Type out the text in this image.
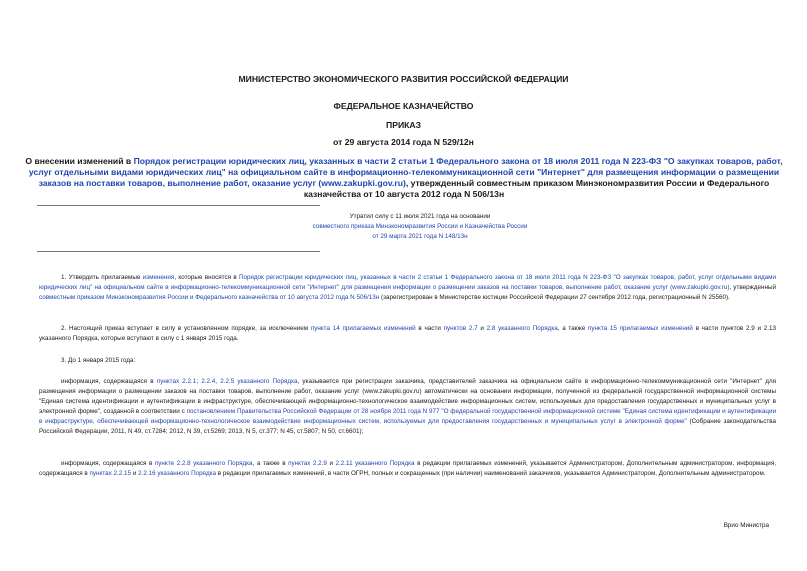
МИНИСТЕРСТВО ЭКОНОМИЧЕСКОГО РАЗВИТИЯ РОССИЙСКОЙ ФЕДЕРАЦИИ
ФЕДЕРАЛЬНОЕ КАЗНАЧЕЙСТВО
ПРИКАЗ
от 29 августа 2014 года N 529/12н
О внесении изменений в Порядок регистрации юридических лиц, указанных в части 2 статьи 1 Федерального закона от 18 июля 2011 года N 223-ФЗ "О закупках товаров, работ, услуг отдельными видами юридических лиц" на официальном сайте в информационно-телекоммуникационной сети "Интернет" для размещения информации о размещении заказов на поставки товаров, выполнение работ, оказание услуг (www.zakupki.gov.ru), утвержденный совместным приказом Минэкономразвития России и Федерального казначейства от 10 августа 2012 года N 506/13н
Утратил силу с 11 июля 2021 года на основании
совместного приказа Минэкономразвития России и Казначейства России
от 29 марта 2021 года N 148/13н
1. Утвердить прилагаемые изменения, которые вносятся в Порядок регистрации юридических лиц, указанных в части 2 статьи 1 Федерального закона от 18 июля 2011 года N 223-ФЗ "О закупках товаров, работ, услуг отдельными видами юридических лиц" на официальном сайте в информационно-телекоммуникационной сети "Интернет" для размещения информации о размещении заказов на поставки товаров, выполнение работ, оказание услуг (www.zakupki.gov.ru), утвержденный совместным приказом Минэкономразвития России и Федерального казначейства от 10 августа 2012 года N 506/13н (зарегистрирован в Министерстве юстиции Российской Федерации 27 сентября 2012 года, регистрационный N 25560).
2. Настоящий приказ вступает в силу в установленном порядке, за исключением пункта 14 прилагаемых изменений в части пунктов 2.7 и 2.8 указанного Порядка, а также пункта 15 прилагаемых изменений в части пунктов 2.9 и 2.13 указанного Порядка, которые вступают в силу с 1 января 2015 года.
3. До 1 января 2015 года:
информация, содержащаяся в пунктах 2.2.1; 2.2.4, 2.2.5 указанного Порядка, указывается при регистрации заказчика, представителей заказчика на официальном сайте в информационно-телекоммуникационной сети "Интернет" для размещения информации о размещении заказов на поставки товаров, выполнение работ, оказание услуг (www.zakupki.gov.ru) автоматически на основании информации, полученной из федеральной государственной информационной системы "Единая система идентификации и аутентификации в инфраструктуре, обеспечивающей информационно-технологическое взаимодействие информационных систем, используемых для предоставления государственных и муниципальных услуг в электронной форме", созданной в соответствии с постановлением Правительства Российской Федерации от 28 ноября 2011 года N 977 "О федеральной государственной информационной системе "Единая система идентификации и аутентификации в инфраструктуре, обеспечивающей информационно-технологическое взаимодействие информационных систем, используемых для предоставления государственных и муниципальных услуг в электронной форме" (Собрание законодательства Российской Федерации, 2011, N 49, ст.7284; 2012, N 39, ст.5269; 2013, N 5, ст.377; N 45, ст.5807; N 50, ст.6601);
информация, содержащаяся в пункте 2.2.8 указанного Порядка, а также в пунктах 2.2.9 и 2.2.11 указанного Порядка в редакции прилагаемых изменений, указывается Администратором, Дополнительным администратором, информация, содержащаяся в пунктах 2.2.15 и 2.2.16 указанного Порядка в редакции прилагаемых изменений, в части ОГРН, полных и сокращенных (при наличии) наименований заказчиков, указывается Администратором, Дополнительным администратором.
Врио Министра
